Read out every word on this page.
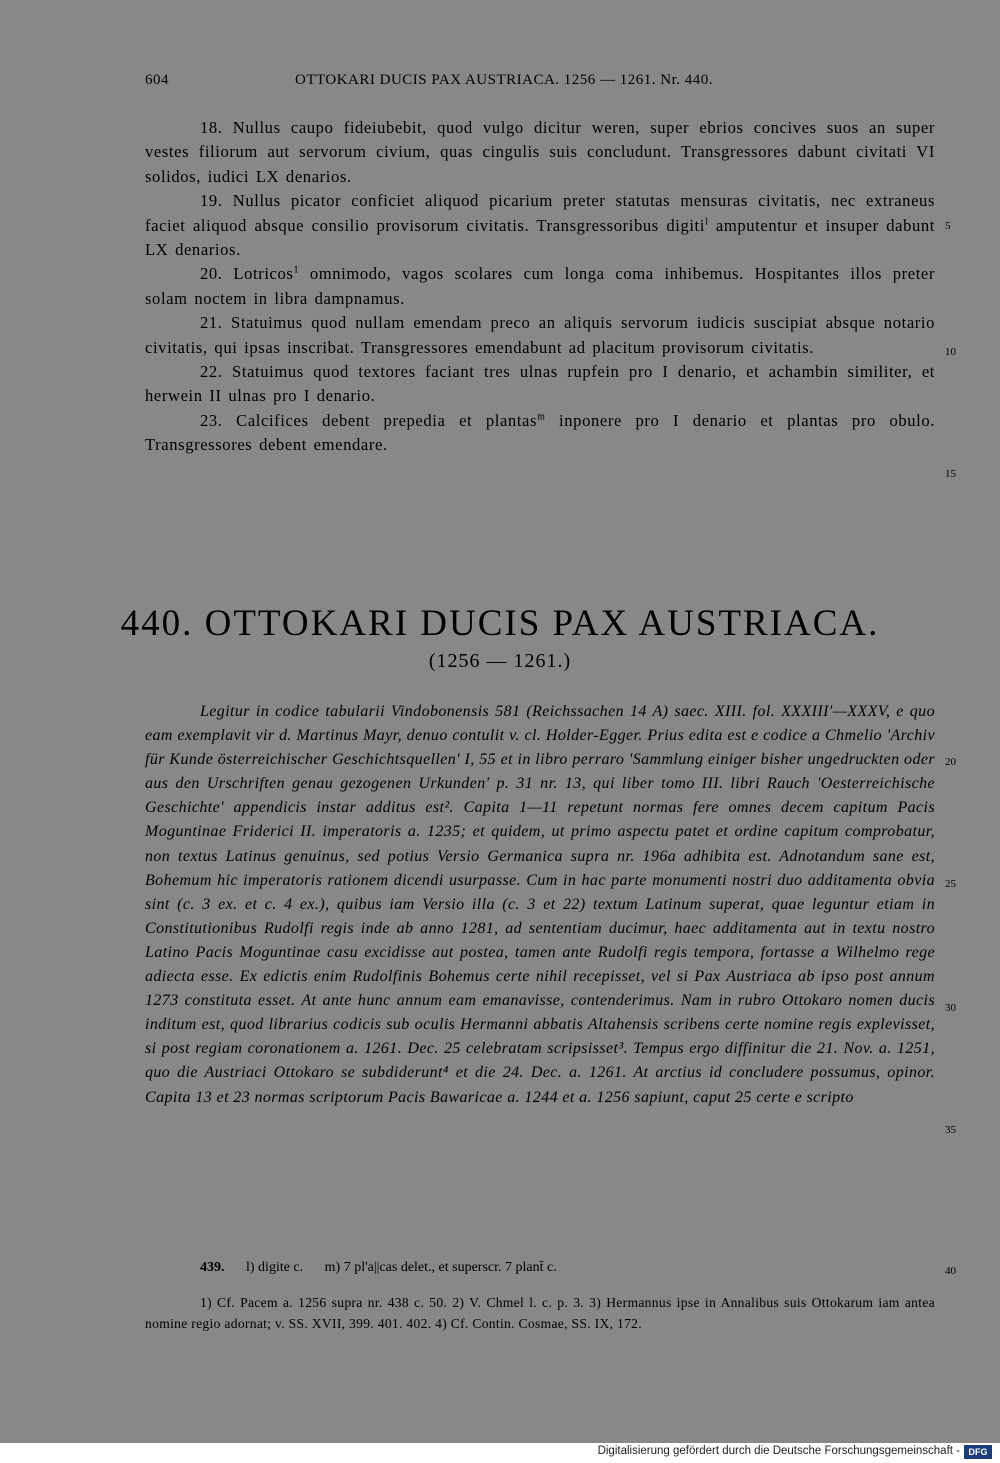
604	OTTOKARI DUCIS PAX AUSTRIACA. 1256 — 1261. Nr. 440.

18. Nullus caupo fideiubebit, quod vulgo dicitur weren, super ebrios concives suos an super vestes filiorum aut servorum civium, quas cingulis suis concludunt. Transgressores dabunt civitati VI solidos, iudici LX denarios.

19. Nullus picator conficiet aliquod picarium preter statutas mensuras civitatis, nec extraneus faciet aliquod absque consilio provisorum civitatis. Transgressoribus digiti$^l$ amputentur et insuper dabunt LX denarios.

20. Lotricos$^1$ omnimodo, vagos scolares cum longa coma inhibemus. Hospitantes illos preter solam noctem in libra dampnamus.

21. Statuimus quod nullam emendam preco an aliquis servorum iudicis suscipiat absque notario civitatis, qui ipsas inscribat. Transgressores emendabunt ad placitum provisorum civitatis.

22. Statuimus quod textores faciant tres ulnas rupfein pro I denario, et achambin similiter, et herwein II ulnas pro I denario.

23. Calcifices debent prepedia et plantas$^m$ inponere pro I denario et plantas pro obulo. Transgressores debent emendare.

5
10
15
440. OTTOKARI DUCIS PAX AUSTRIACA.
(1256 — 1261.)

Legitur in codice tabularii Vindobonensis 581 (Reichssachen 14 A) saec. XIII. fol. XXXIII'—XXXV, e quo eam exemplavit vir d. Martinus Mayr, denuo contulit v. cl. Holder-Egger. Prius edita est e codice a Chmelio 'Archiv für Kunde österreichischer Geschichtsquellen' I, 55 et in libro perraro 'Sammlung einiger bisher ungedruckten oder aus den Urschriften genau gezogenen Urkunden' p. 31 nr. 13, qui liber tomo III. libri Rauch 'Oesterreichische Geschichte' appendicis instar additus est². Capita 1—11 repetunt normas fere omnes decem capitum Pacis Moguntinae Friderici II. imperatoris a. 1235; et quidem, ut primo aspectu patet et ordine capitum comprobatur, non textus Latinus genuinus, sed potius Versio Germanica supra nr. 196a adhibita est. Adnotandum sane est, Bohemum hic imperatoris rationem dicendi usurpasse. Cum in hac parte monumenti nostri duo additamenta obvia sint (c. 3 ex. et c. 4 ex.), quibus iam Versio illa (c. 3 et 22) textum Latinum superat, quae leguntur etiam in Constitutionibus Rudolfi regis inde ab anno 1281, ad sententiam ducimur, haec additamenta aut in textu nostro Latino Pacis Moguntinae casu excidisse aut postea, tamen ante Rudolfi regis tempora, fortasse a Wilhelmo rege adiecta esse. Ex edictis enim Rudolfinis Bohemus certe nihil recepisset, vel si Pax Austriaca ab ipso post annum 1273 constituta esset. At ante hunc annum eam emanavisse, contenderimus. Nam in rubro Ottokaro nomen ducis inditum est, quod librarius codicis sub oculis Hermanni abbatis Altahensis scribens certe nomine regis explevisset, si post regiam coronationem a. 1261. Dec. 25 celebratam scripsisset³. Tempus ergo diffinitur die 21. Nov. a. 1251, quo die Austriaci Ottokaro se subdiderunt⁴ et die 24. Dec. a. 1261. At arctius id concludere possumus, opinor. Capita 13 et 23 normas scriptorum Pacis Bawaricae a. 1244 et a. 1256 sapiunt, caput 25 certe e scripto

20
25
30
35
439. l) digite c. m) 7 pl'a||cas delet., et superscr. 7 plant̄ c.	40

1) Cf. Pacem a. 1256 supra nr. 438 c. 50. 2) V. Chmel l. c. p. 3. 3) Hermannus ipse in Annalibus suis Ottokarum iam antea nomine regio adornat; v. SS. XVII, 399. 401. 402. 4) Cf. Contin. Cosmae, SS. IX, 172.

Digitalisierung gefördert durch die Deutsche Forschungsgemeinschaft - DFG
